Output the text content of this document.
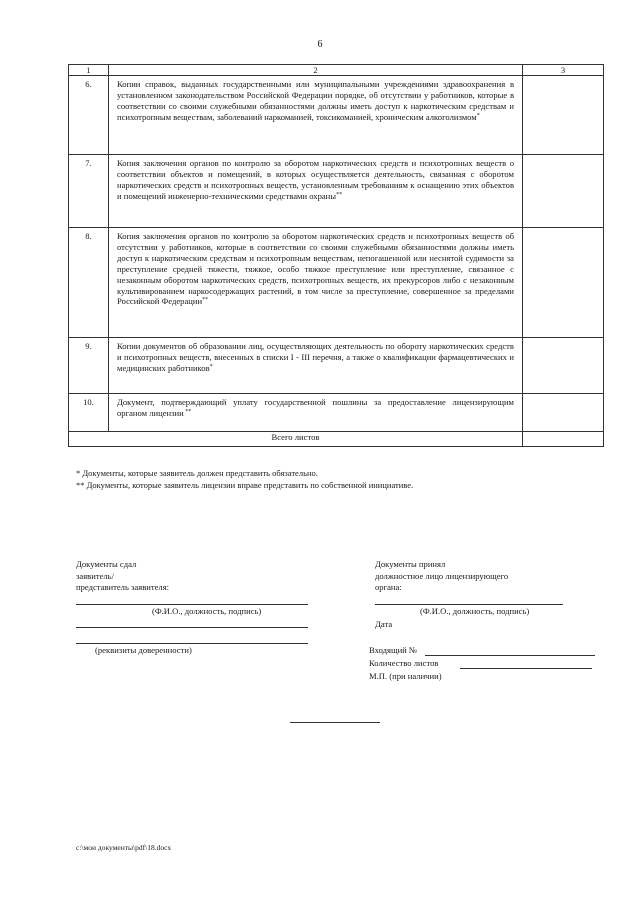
6
1	2	3
6.	Копии справок, выданных государственными или муниципальными учреждениями здравоохранения в установленном законодательством Российской Федерации порядке, об отсутствии у работников, которые в соответствии со своими служебными обязанностями должны иметь доступ к наркотическим средствам и психотропным веществам, заболеваний наркоманией, токсикоманией, хроническим алкоголизмом*	
7.	Копия заключения органов по контролю за оборотом наркотических средств и психотропных веществ о соответствии объектов и помещений, в которых осуществляется деятельность, связанная с оборотом наркотических средств и психотропных веществ, установленным требованиям к оснащению этих объектов и помещений инженерно-техническими средствами охраны**	
8.	Копия заключения органов по контролю за оборотом наркотических средств и психотропных веществ об отсутствии у работников, которые в соответствии со своими служебными обязанностями должны иметь доступ к наркотическим средствам и психотропным веществам, непогашенной или неснятой судимости за преступление средней тяжести, тяжкое, особо тяжкое преступление или преступление, связанное с незаконным оборотом наркотических средств, психотропных веществ, их прекурсоров либо с незаконным культивированием наркосодержащих растений, в том числе за преступление, совершенное за пределами Российской Федерации**	
9.	Копии документов об образовании лиц, осуществляющих деятельность по обороту наркотических средств и психотропных веществ, внесенных в списки I - III перечня, а также о квалификации фармацевтических и медицинских работников*	
10.	Документ, подтверждающий уплату государственной пошлины за предоставление лицензирующим органом лицензии **	
Всего листов		
* Документы, которые заявитель должен представить обязательно.
** Документы, которые заявитель лицензии вправе представить по собственной инициативе.
Документы сдал
заявитель/
представитель заявителя:
(Ф.И.О., должность, подпись)
(реквизиты доверенности)
Документы принял
должностное лицо лицензирующего
органа:
(Ф.И.О., должность, подпись)
Дата
Входящий №
Количество листов
М.П. (при наличии)
c:\мои документы\pdf\18.docx
